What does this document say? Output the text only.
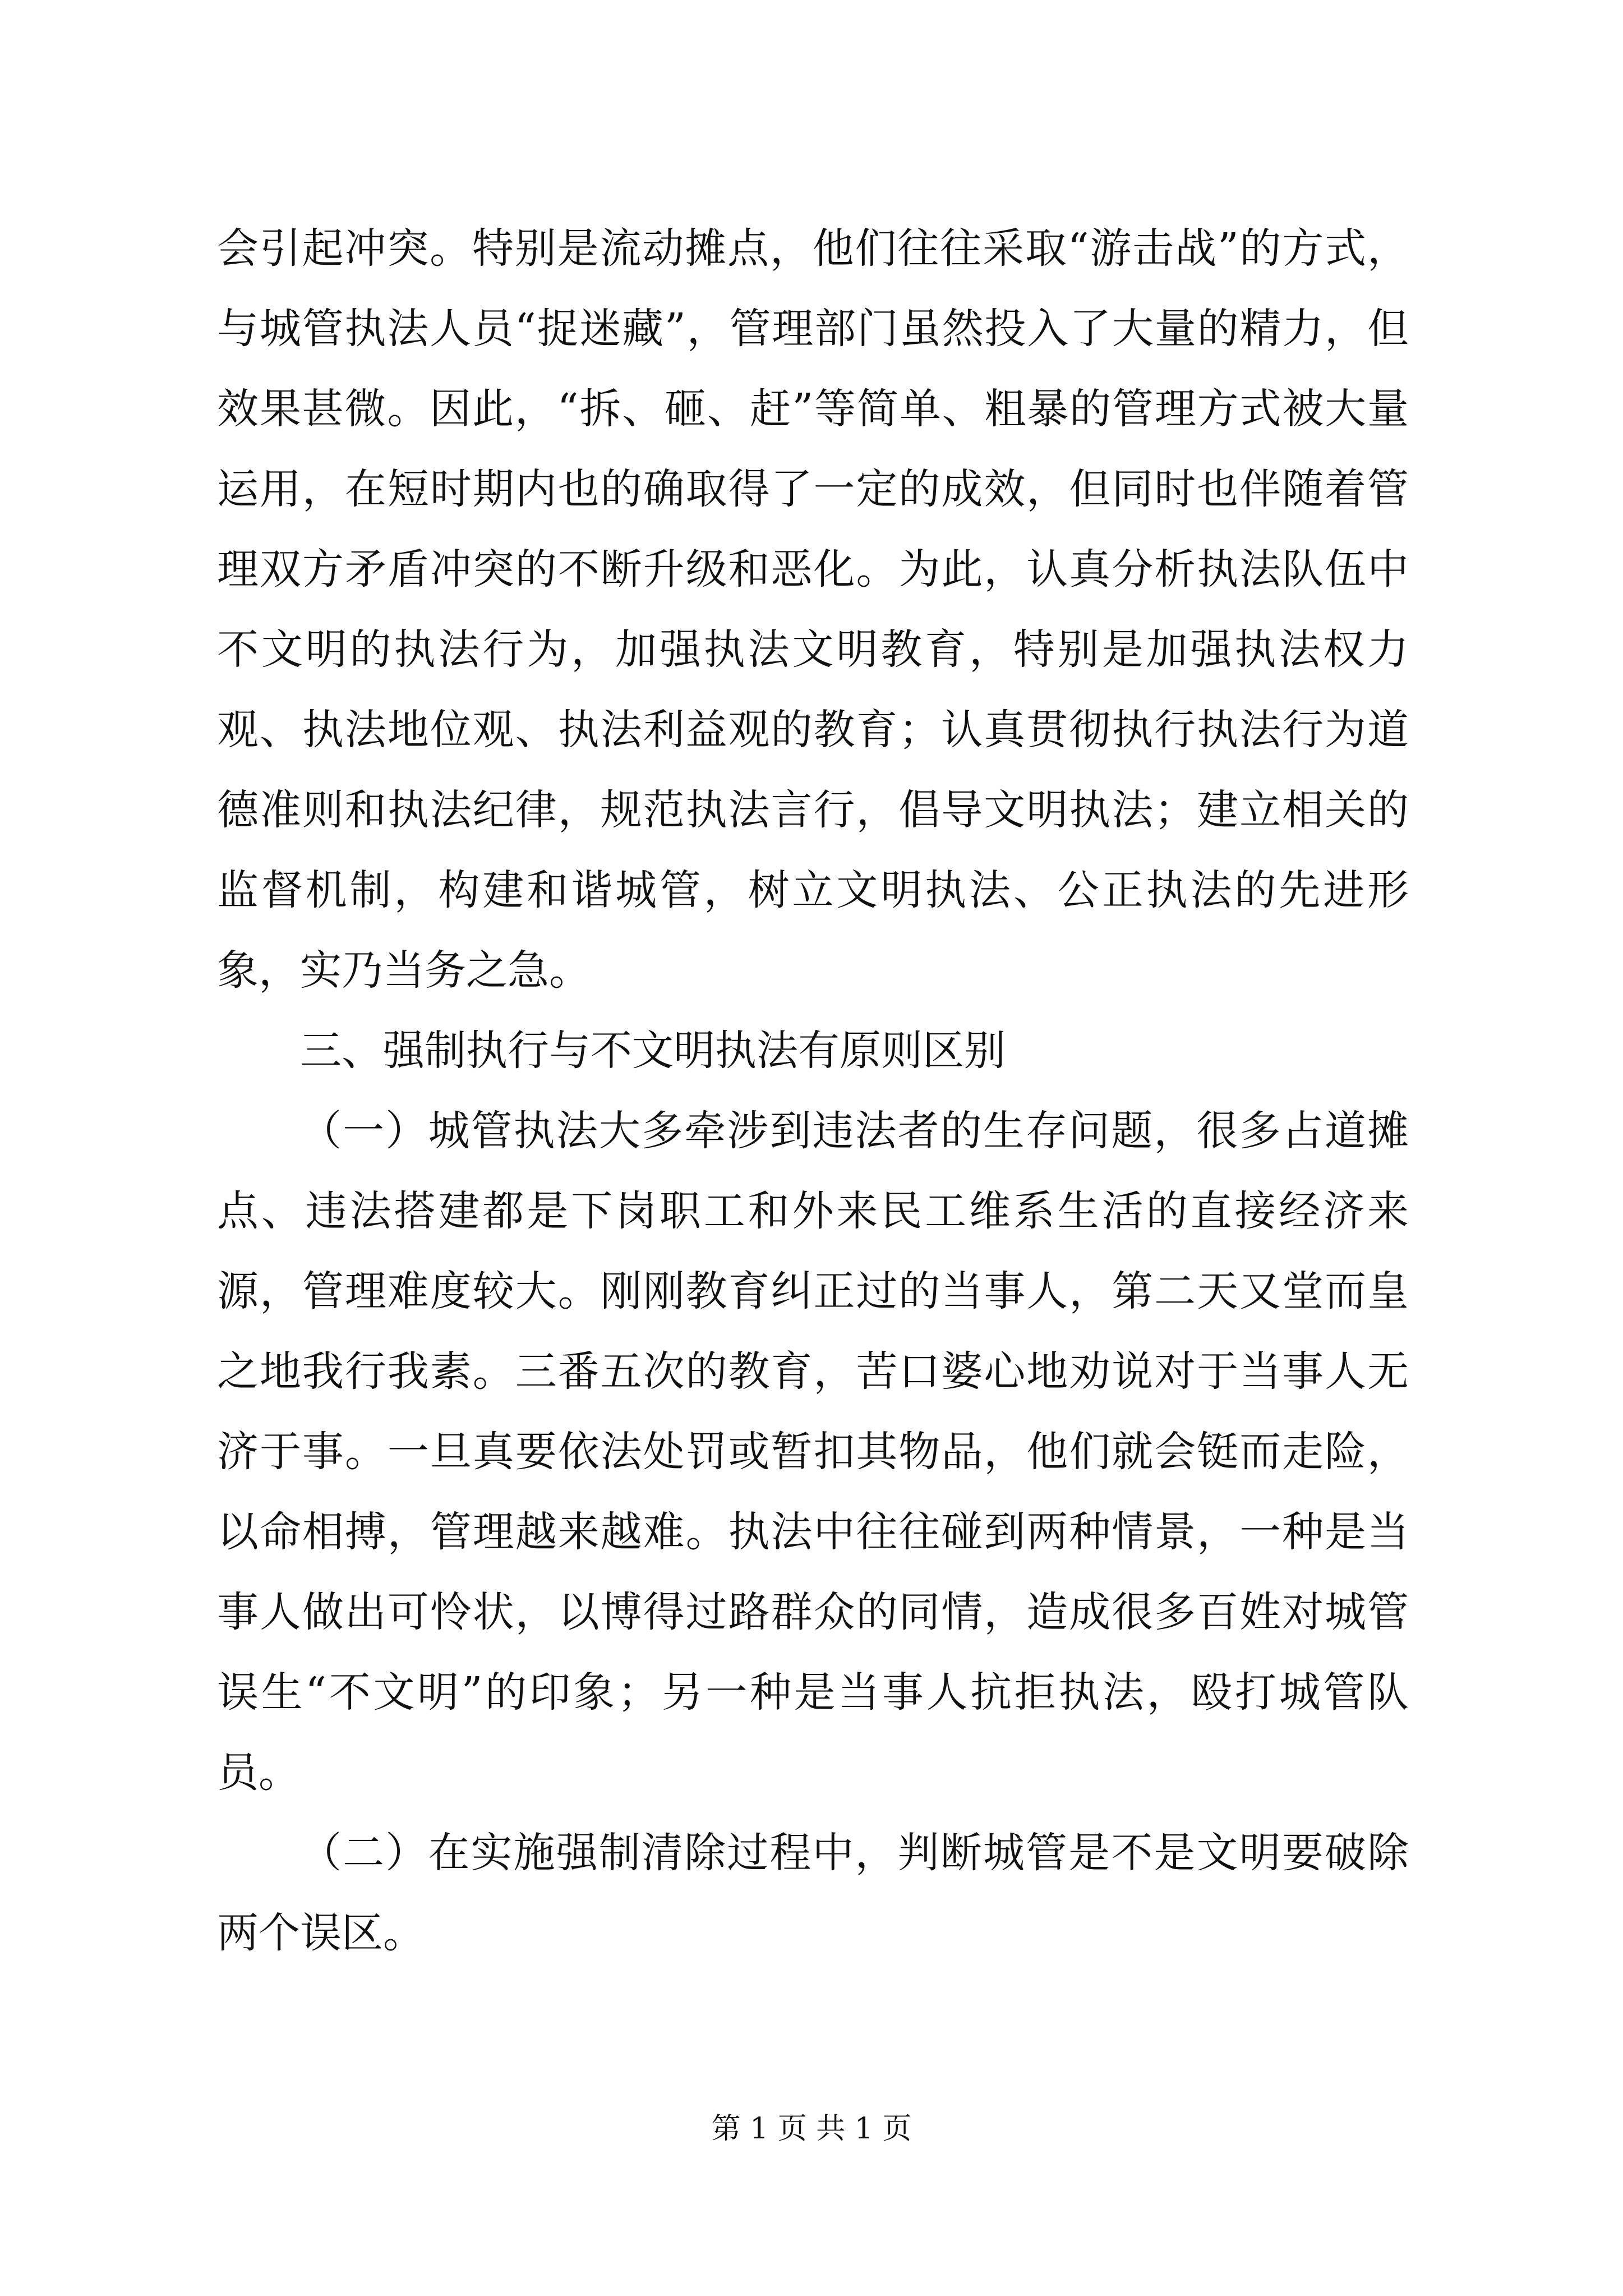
会引起冲突。特别是流动摊点，他们往往采取“游击战”的方式，与城管执法人员“捉迷藏”，管理部门虽然投入了大量的精力，但效果甚微。因此，“拆、砸、赶”等简单、粗暴的管理方式被大量运用，在短时期内也的确取得了一定的成效，但同时也伴随着管理双方矛盾冲突的不断升级和恶化。为此，认真分析执法队伍中不文明的执法行为，加强执法文明教育，特别是加强执法权力观、执法地位观、执法利益观的教育；认真贯彻执行执法行为道德准则和执法纪律，规范执法言行，倡导文明执法；建立相关的监督机制，构建和谐城管，树立文明执法、公正执法的先进形象，实乃当务之急。

三、强制执行与不文明执法有原则区别

（一）城管执法大多牵涉到违法者的生存问题，很多占道摊点、违法搭建都是下岗职工和外来民工维系生活的直接经济来源，管理难度较大。刚刚教育纠正过的当事人，第二天又堂而皇之地我行我素。三番五次的教育，苦口婆心地劝说对于当事人无济于事。一旦真要依法处罚或暂扣其物品，他们就会铤而走险，以命相搏，管理越来越难。执法中往往碰到两种情景，一种是当事人做出可怜状，以博得过路群众的同情，造成很多百姓对城管误生“不文明”的印象；另一种是当事人抗拒执法，殴打城管队员。

（二）在实施强制清除过程中，判断城管是不是文明要破除两个误区。

第 1 页 共 1 页
